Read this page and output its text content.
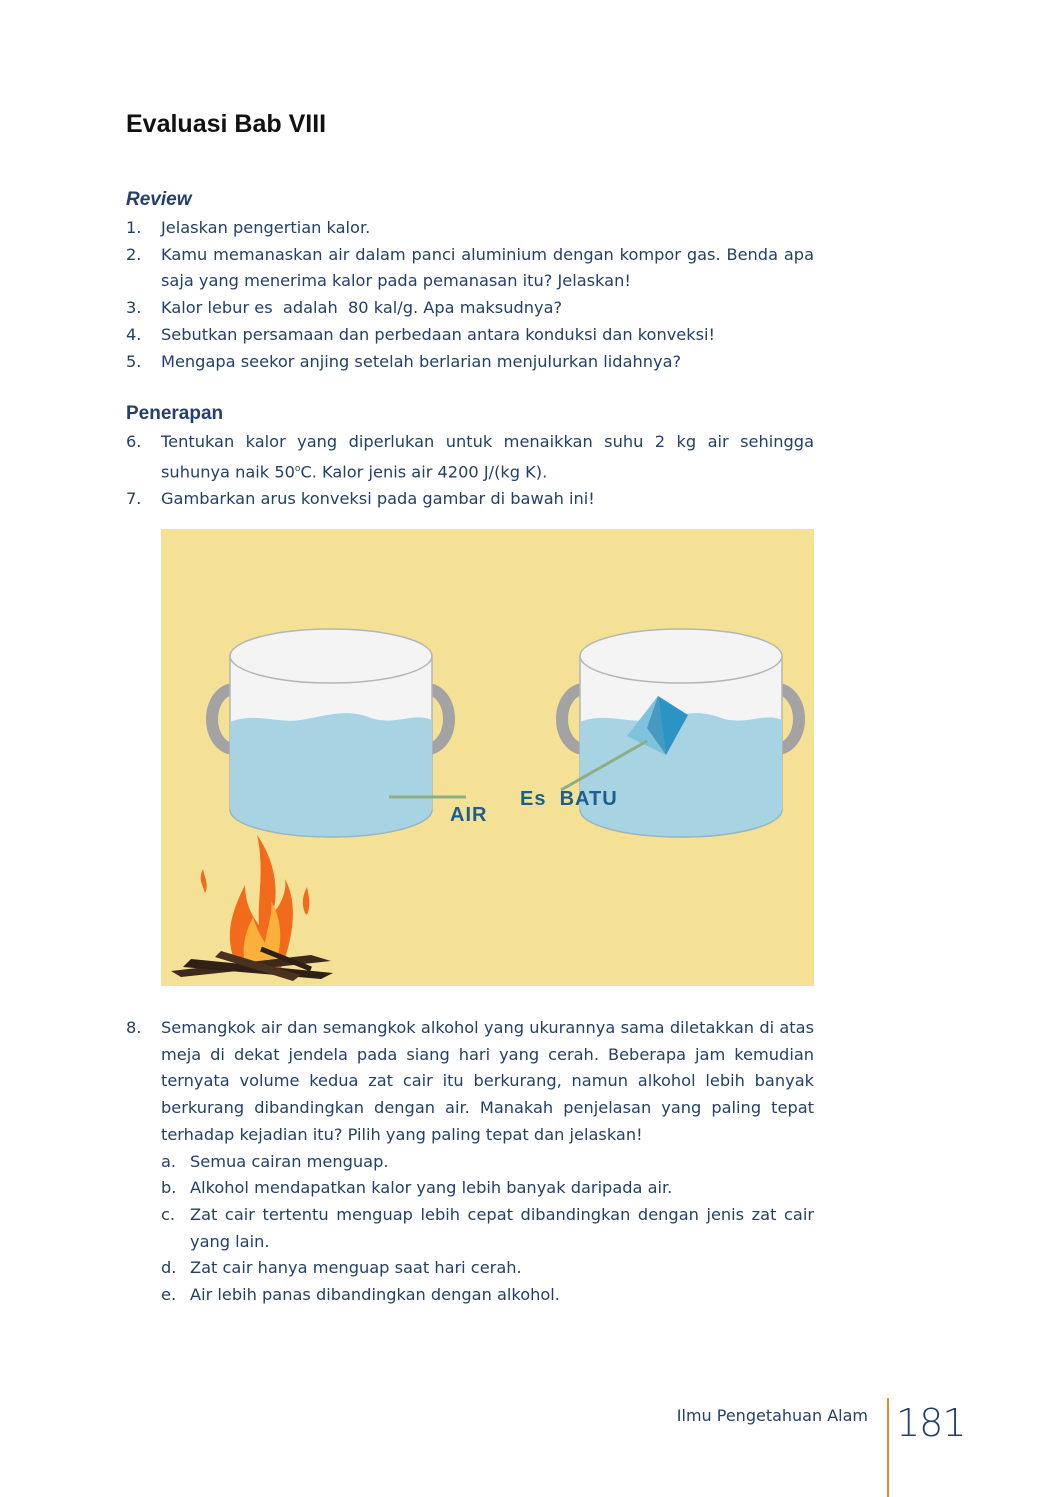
Evaluasi Bab VIII
Review
1. Jelaskan pengertian kalor.
2. Kamu memanaskan air dalam panci aluminium dengan kompor gas. Benda apa saja yang menerima kalor pada pemanasan itu? Jelaskan!
3. Kalor lebur es  adalah  80 kal/g. Apa maksudnya?
4. Sebutkan persamaan dan perbedaan antara konduksi dan konveksi!
5. Mengapa seekor anjing setelah berlarian menjulurkan lidahnya?
Penerapan
6. Tentukan kalor yang diperlukan untuk menaikkan suhu 2 kg air sehingga suhunya naik 50$^o$C. Kalor jenis air 4200 J/(kg K).
7. Gambarkan arus konveksi pada gambar di bawah ini!
AIR
Es  BATU
8. Semangkok air dan semangkok alkohol yang ukurannya sama diletakkan di atas meja di dekat jendela pada siang hari yang cerah. Beberapa jam kemudian ternyata volume kedua zat cair itu berkurang, namun alkohol lebih banyak berkurang dibandingkan dengan air. Manakah penjelasan yang paling tepat terhadap kejadian itu? Pilih yang paling tepat dan jelaskan!
a. Semua cairan menguap.
b. Alkohol mendapatkan kalor yang lebih banyak daripada air.
c. Zat cair tertentu menguap lebih cepat dibandingkan dengan jenis zat cair yang lain.
d. Zat cair hanya menguap saat hari cerah.
e. Air lebih panas dibandingkan dengan alkohol.
Ilmu Pengetahuan Alam 181
